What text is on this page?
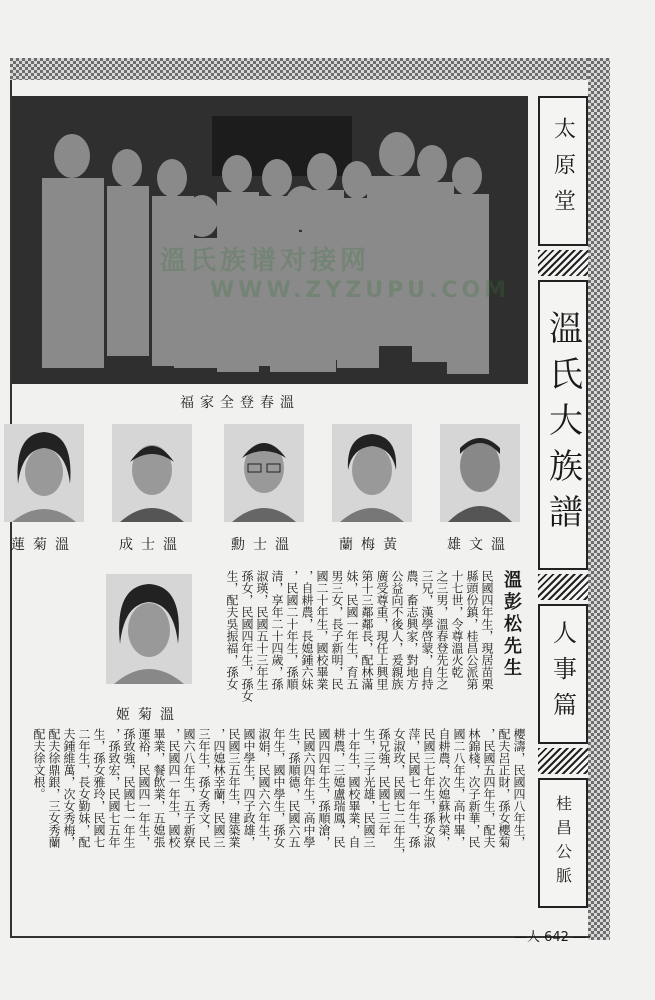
溫春登全家福
溫文雄
黃梅蘭
溫士勳
溫士成
溫菊蓮
溫菊姬
溫彭松先生
民國四年生，現居苗栗
縣頭份鎮，桂昌公派第
十七世，令尊溫火乾
之三男，溫春登先生之
三兄，漢學啓蒙，自持
農，畜志興家，對地方
公益向不後人，爰親族
廣受尊重，現任上興里
第十三鄰鄰長，配林滿
妹，民國一年生，育五
男三女，長子新明，民
國二十年生，國校畢業
，自耕農，長媳鍾六妹
，民國二十年生，孫順
清，享年二十四歲，孫
淑瑛，民國五十三年生
孫女，民國四年生，孫女
生，配夫吳振福，孫女
櫻濤，民國四八年生，
配夫呂正財，孫女櫻菊
，民國五四年生，配夫
林錦棧，次子新華，民
國二八年生，高中畢，
自耕農，次媳蘇秋榮，
民國三七年生，孫女淑
萍，民國七一年生，孫
女淑玫，民國七二年生，
孫兄強，民國七三年
生，三子光雄，民國三
十年生，國校畢業，自
耕農，三媳盧瑞鳳，民
國四四年生，孫順滄，
民國六四年生，高中學
生，孫順德，民國六五
年生，國中學生，孫女
淑娟，民國六六年生，
國中學生，四子政雄，
民國三五年生，建築業
，四媳林幸蘭，民國三
三年生，孫女秀文，民
國六八年生，五子新寮
，民國四一年生，國校
畢業，餐飲業，五媳張
運裕，民國四一年生，
孫致強，民國七一年生
，孫致宏，民國七五年
生，孫女雅玲，民國七
二年生，長女勤妹，配
夫鍾維萬，次女秀梅，
配夫徐鼎銀，三女秀蘭
配夫徐文根。
太原堂
溫氏大族譜
人事篇
桂昌公脈
—人 642 —
溫氏族谱对接网
WWW.ZYZUPU.COM
